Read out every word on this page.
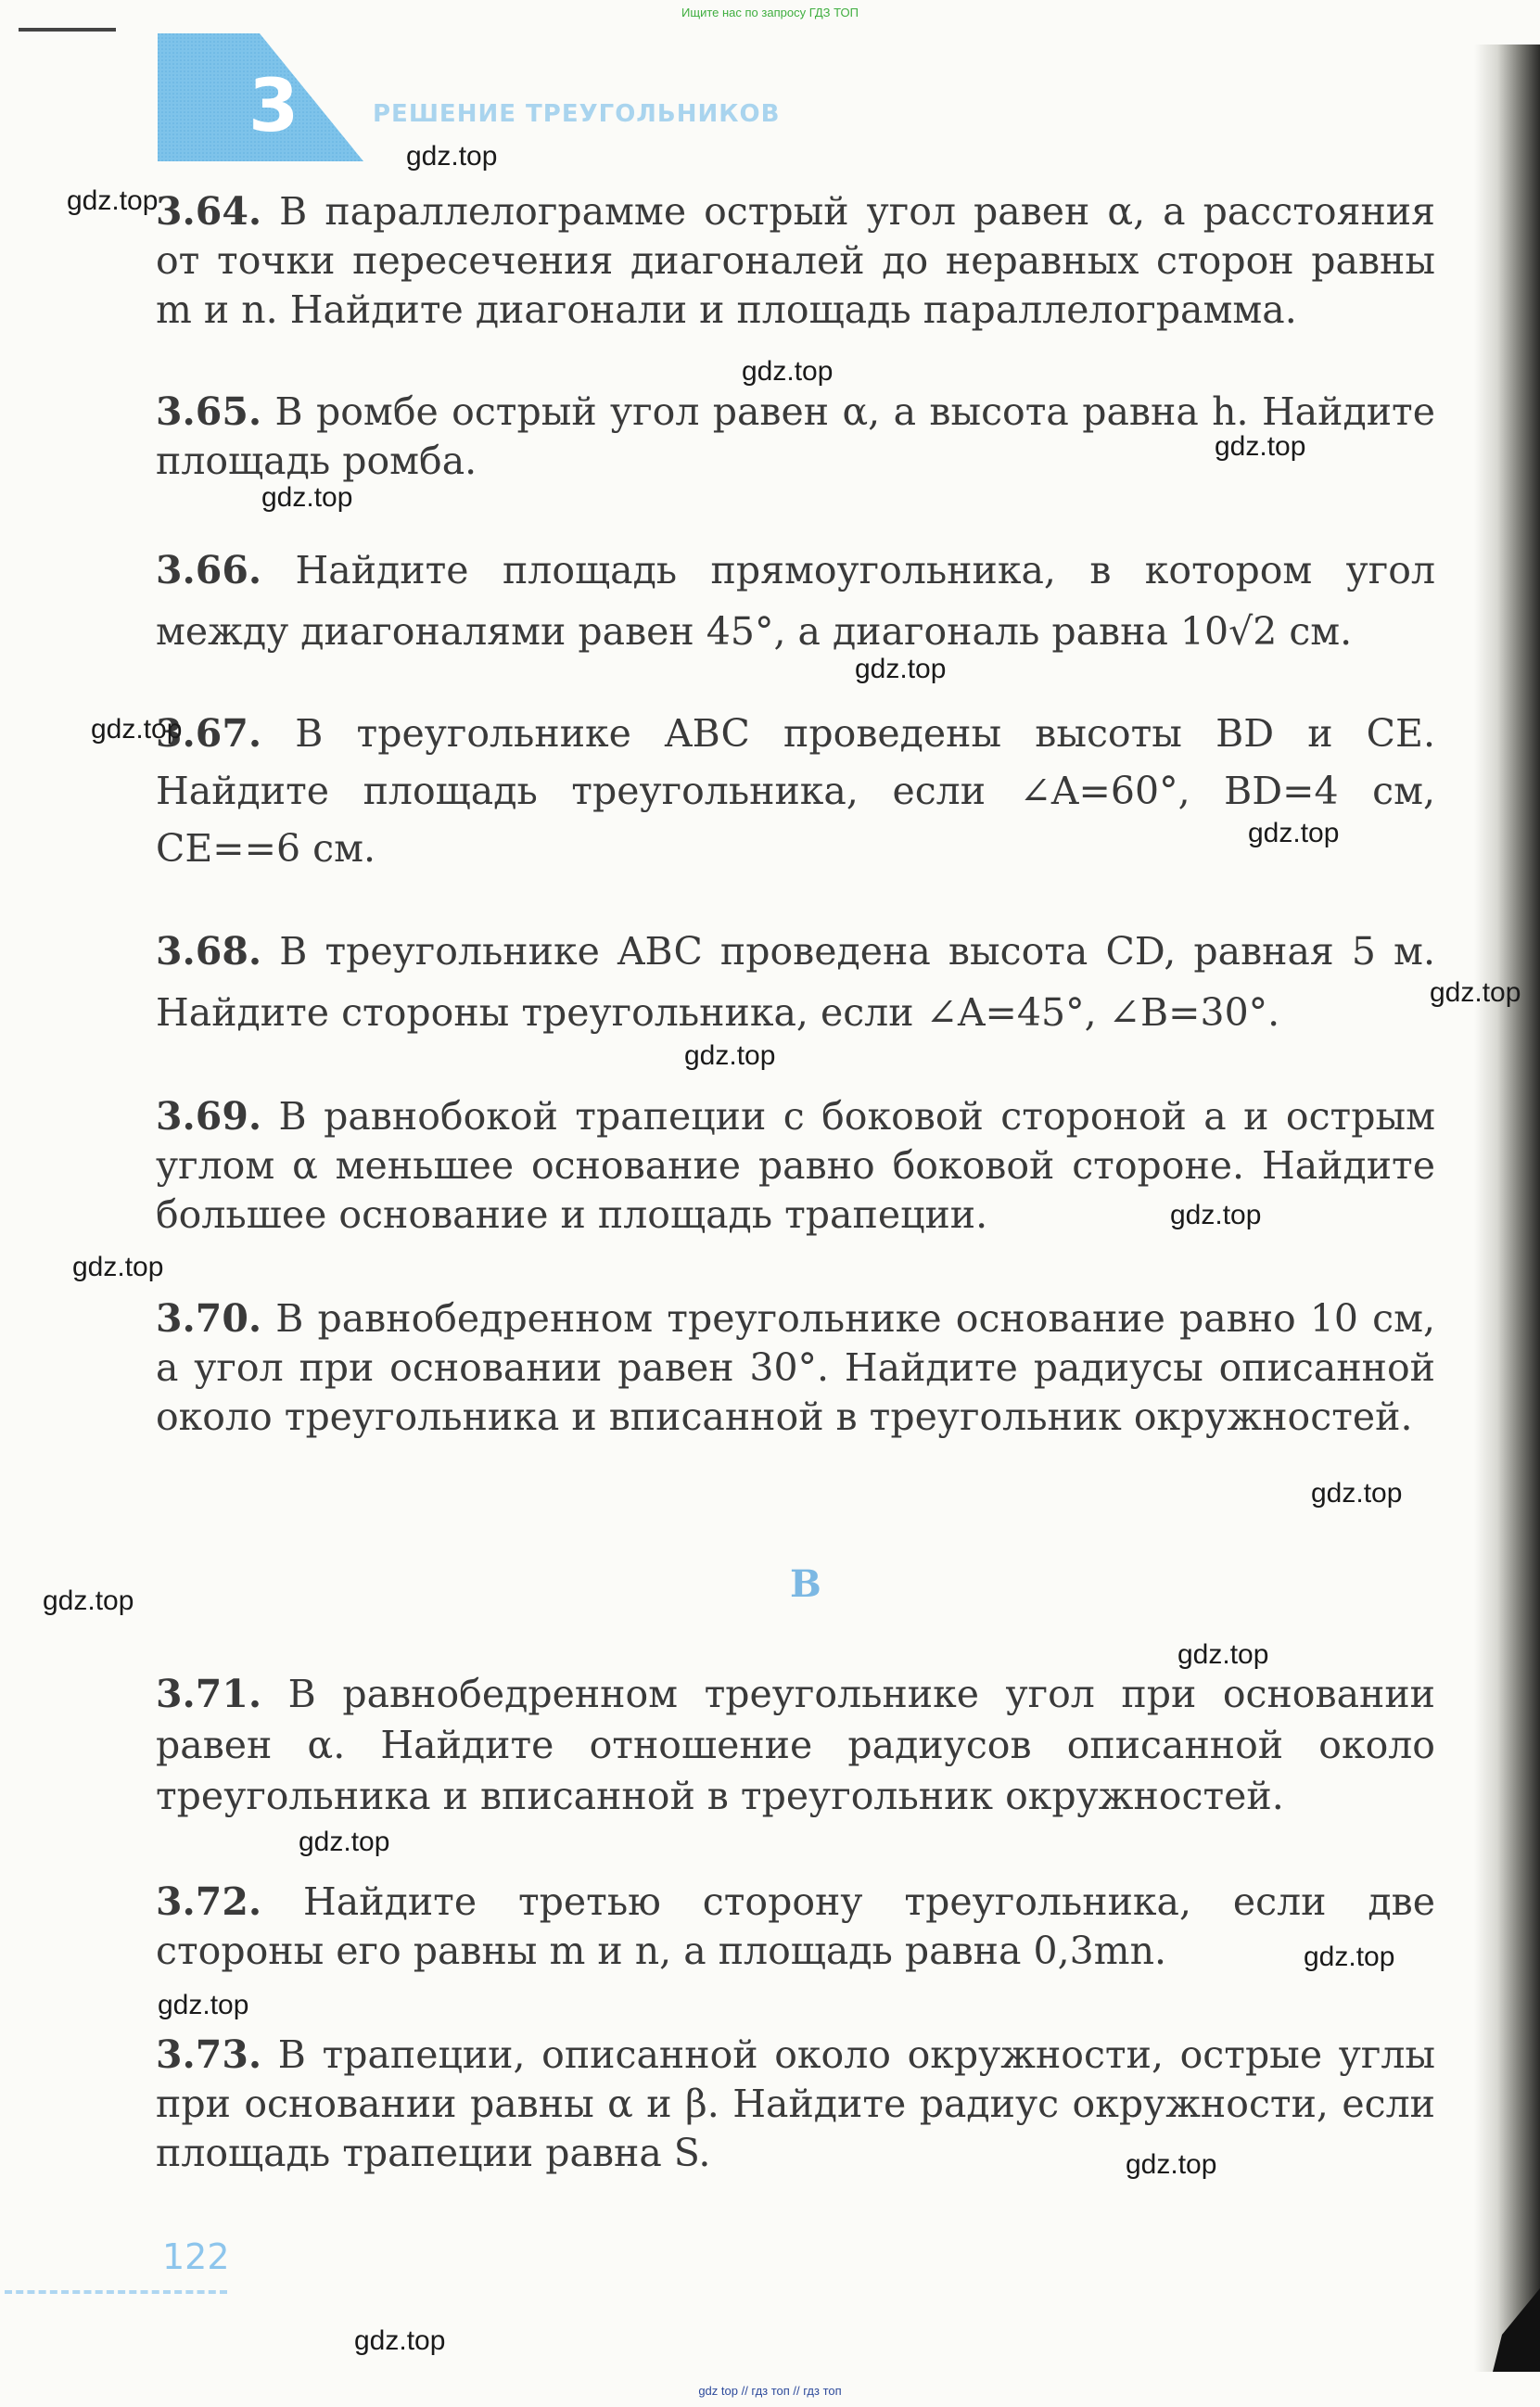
Ищите нас по запросу ГДЗ ТОП
3	РЕШЕНИЕ ТРЕУГОЛЬНИКОВ

3.64. В параллелограмме острый угол равен α, а расстояния от точки пересечения диагоналей до неравных сторон равны m и n. Найдите диагонали и площадь параллелограмма.

3.65. В ромбе острый угол равен α, а высота равна h. Найдите площадь ромба.

3.66. Найдите площадь прямоугольника, в котором угол между диагоналями равен 45°, а диагональ равна 10√2 см.

3.67. В треугольнике ABC проведены высоты BD и CE. Найдите площадь треугольника, если ∠A=60°, BD=4 см, CE==6 см.

3.68. В треугольнике ABC проведена высота CD, равная 5 м. Найдите стороны треугольника, если ∠A=45°, ∠B=30°.

3.69. В равнобокой трапеции с боковой стороной a и острым углом α меньшее основание равно боковой стороне. Найдите большее основание и площадь трапеции.

3.70. В равнобедренном треугольнике основание равно 10 см, а угол при основании равен 30°. Найдите радиусы описанной около треугольника и вписанной в треугольник окружностей.

В

3.71. В равнобедренном треугольнике угол при основании равен α. Найдите отношение радиусов описанной около треугольника и вписанной в треугольник окружностей.

3.72. Найдите третью сторону треугольника, если две стороны его равны m и n, а площадь равна 0,3mn.

3.73. В трапеции, описанной около окружности, острые углы при основании равны α и β. Найдите радиус окружности, если площадь трапеции равна S.

122
gdz.top
gdz.top
gdz.top
gdz.top
gdz.top
gdz.top
gdz.top
gdz.top
gdz.top
gdz.top
gdz.top
gdz.top
gdz.top
gdz.top
gdz.top
gdz.top
gdz.top
gdz.top
gdz.top
gdz.top
gdz top // гдз топ // гдз топ
